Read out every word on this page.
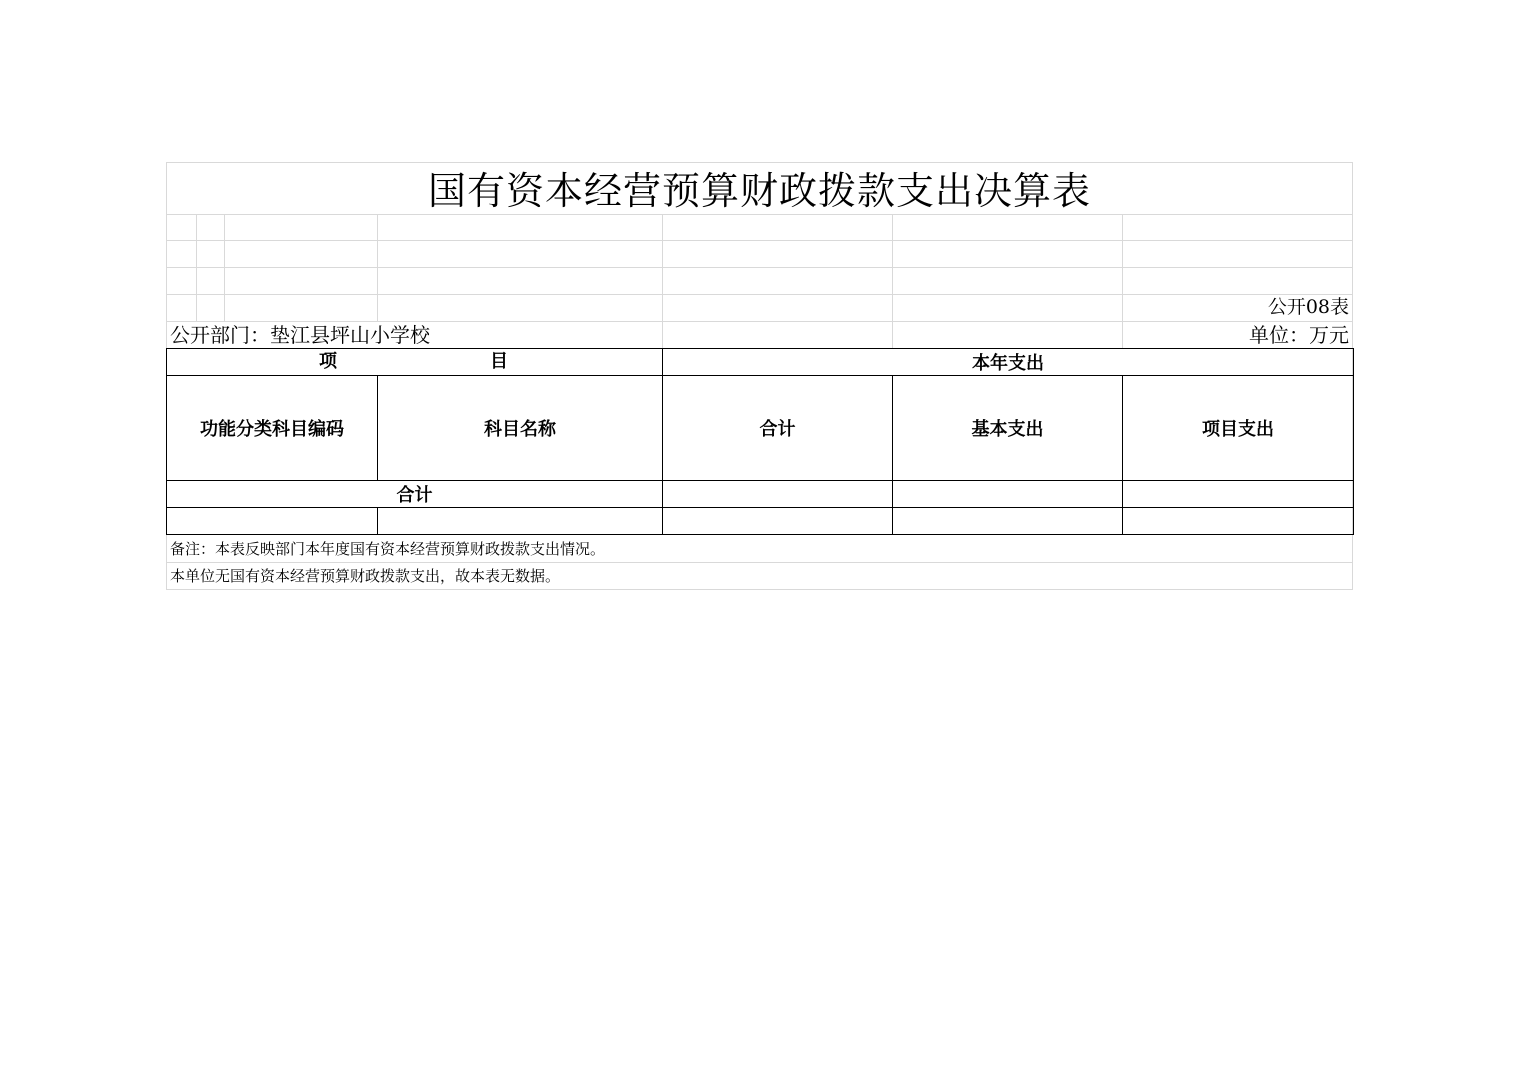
国有资本经营预算财政拨款支出决算表
公开08表
公开部门：垫江县坪山小学校	单位：万元
项 目		本年支出		
功能分类科目编码	科目名称	合计	基本支出	项目支出
合计				

备注：本表反映部门本年度国有资本经营预算财政拨款支出情况。
本单位无国有资本经营预算财政拨款支出，故本表无数据。
